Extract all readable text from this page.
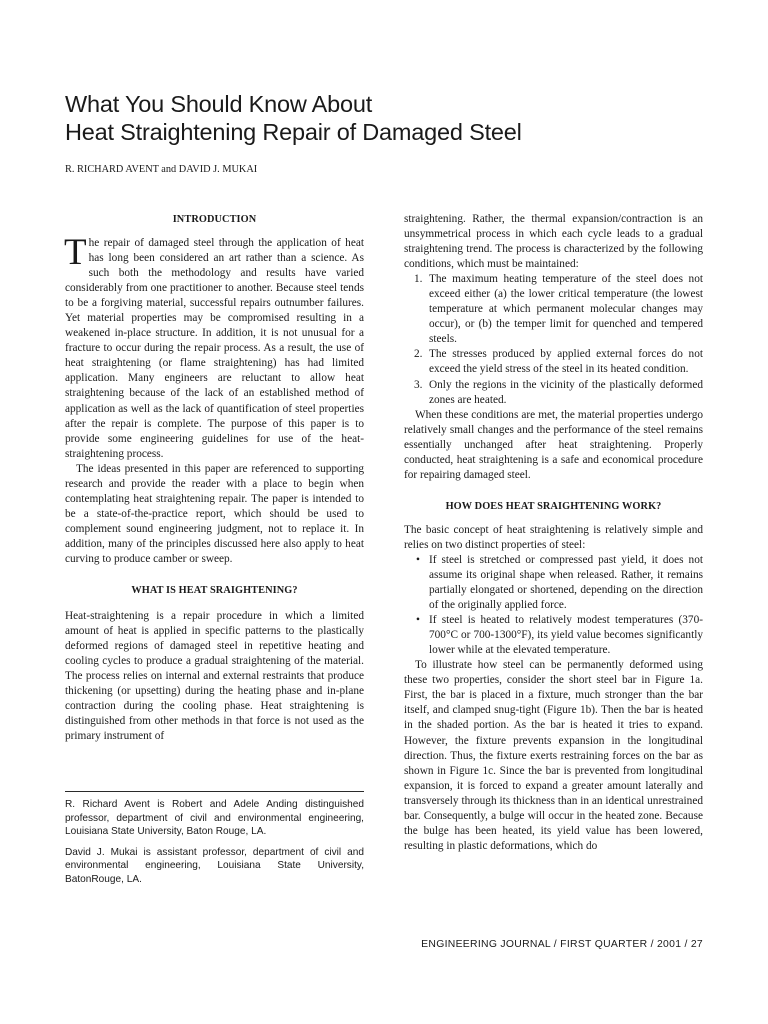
What You Should Know About
Heat Straightening Repair of Damaged Steel
R. RICHARD AVENT and DAVID J. MUKAI

INTRODUCTION

The repair of damaged steel through the application of heat has long been considered an art rather than a science. As such both the methodology and results have varied considerably from one practitioner to another. Because steel tends to be a forgiving material, successful repairs outnumber failures. Yet material properties may be compromised resulting in a weakened in-place structure. In addition, it is not unusual for a fracture to occur during the repair process. As a result, the use of heat straightening (or flame straightening) has had limited application. Many engineers are reluctant to allow heat straightening because of the lack of an established method of application as well as the lack of quantification of steel properties after the repair is complete. The purpose of this paper is to provide some engineering guidelines for use of the heat-straightening process.

The ideas presented in this paper are referenced to supporting research and provide the reader with a place to begin when contemplating heat straightening repair. The paper is intended to be a state-of-the-practice report, which should be used to complement sound engineering judgment, not to replace it. In addition, many of the principles discussed here also apply to heat curving to produce camber or sweep.

WHAT IS HEAT SRAIGHTENING?

Heat-straightening is a repair procedure in which a limited amount of heat is applied in specific patterns to the plastically deformed regions of damaged steel in repetitive heating and cooling cycles to produce a gradual straightening of the material. The process relies on internal and external restraints that produce thickening (or upsetting) during the heating phase and in-plane contraction during the cooling phase. Heat straightening is distinguished from other methods in that force is not used as the primary instrument of

R. Richard Avent is Robert and Adele Anding distinguished professor, department of civil and environmental engineering, Louisiana State University, Baton Rouge, LA.

David J. Mukai is assistant professor, department of civil and environmental engineering, Louisiana State University, BatonRouge, LA.

straightening. Rather, the thermal expansion/contraction is an unsymmetrical process in which each cycle leads to a gradual straightening trend. The process is characterized by the following conditions, which must be maintained:

1. The maximum heating temperature of the steel does not exceed either (a) the lower critical temperature (the lowest temperature at which permanent molecular changes may occur), or (b) the temper limit for quenched and tempered steels.
2. The stresses produced by applied external forces do not exceed the yield stress of the steel in its heated condition.
3. Only the regions in the vicinity of the plastically deformed zones are heated.

When these conditions are met, the material properties undergo relatively small changes and the performance of the steel remains essentially unchanged after heat straightening. Properly conducted, heat straightening is a safe and economical procedure for repairing damaged steel.

HOW DOES HEAT SRAIGHTENING WORK?

The basic concept of heat straightening is relatively simple and relies on two distinct properties of steel:

• If steel is stretched or compressed past yield, it does not assume its original shape when released. Rather, it remains partially elongated or shortened, depending on the direction of the originally applied force.
• If steel is heated to relatively modest temperatures (370-700°C or 700-1300°F), its yield value becomes significantly lower while at the elevated temperature.

To illustrate how steel can be permanently deformed using these two properties, consider the short steel bar in Figure 1a. First, the bar is placed in a fixture, much stronger than the bar itself, and clamped snug-tight (Figure 1b). Then the bar is heated in the shaded portion. As the bar is heated it tries to expand. However, the fixture prevents expansion in the longitudinal direction. Thus, the fixture exerts restraining forces on the bar as shown in Figure 1c. Since the bar is prevented from longitudinal expansion, it is forced to expand a greater amount laterally and transversely through its thickness than in an identical unrestrained bar. Consequently, a bulge will occur in the heated zone. Because the bulge has been heated, its yield value has been lowered, resulting in plastic deformations, which do

ENGINEERING JOURNAL / FIRST QUARTER / 2001 / 27
